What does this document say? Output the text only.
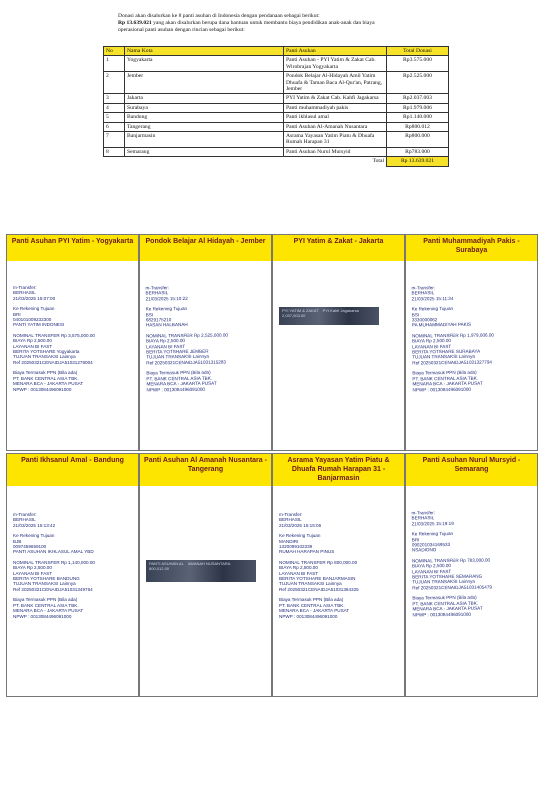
Donasi akan disalurkan ke 8 panti asuhan di Indonesia dengan pendanaan sebagai berikut:

Rp 13.639.021 yang akan disalurkan berupa dana bantuan untuk membantu biaya pendidikan anak-anak dan biaya

operasional panti asuhan dengan rincian sebagai berikut:

No	Nama Kota	Panti Asuhan	Total Donasi
1	Yogyakarta	Panti Asuhan - PYI Yatim & Zakat Cab. Wirobrajan Yogyakarta	Rp3.575.000
2	Jember	Pondok Belajar Al-Hidayah Amil Yatim Dhuafa & Taman Baca Al-Qur'an, Patrang, Jember	Rp2.525.000
3	Jakarta	PYI Yatim & Zakat Cab. Kahfi Jagakarsa	Rp2.037.003
4	Surabaya	Panti muhammadiyah pakis	Rp1.979.006
5	Bandung	Panti ikhlasul amal	Rp1.140.000
6	Tangerang	Panti Asuhan Al-Amanah Nusantara	Rp800.012
7	Banjarmasin	Asrama Yayasan Yatim Piatu & Dhuafa Rumah Harapan 31	Rp800.000
8	Semarang	Panti Asuhan Nurul Mursyid	Rp783.000
Total			Rp 13.639.021
Panti Asuhan PYI Yatim - Yogyakarta
m-Transfer:
BERHASIL
21/03/2025 15:07:00
Ke Rekening Tujuan
BRI
040101009232300
PANTI YATIM INDONESI
NOMINAL TRANSFER Rp 3,575,000.00
BIAYA Rp 2,500.00
LAYANAN BI FAST
BERITA YOTSHARE Yogyakarta
TUJUAN TRANSAKSI Lainnya
Ref 20250321CENAIDJA51031278004
Biaya Termasuk PPN (Bila ada)
PT. BANK CENTRAL ASIA TBK.
MENARA BCA - JAKARTA PUSAT
NPWP : 0013084496091000
Pondok Belajar Al Hidayah - Jember
m-Transfer:
BERHASIL
21/03/2025 15:10:22
Ke Rekening Tujuan
BSI
6829175210
HASAN HALBANAH
NOMINAL TRANSFER Rp 2,525,000.00
BIAYA Rp 2,500.00
LAYANAN BI FAST
BERITA YOTSHARE JEMBER
TUJUAN TRANSAKSI Lainnya
Ref 20250321CENAIDJA51031315283
Biaya Termasuk PPN (Bila ada)
PT. BANK CENTRAL ASIA TBK.
MENARA BCA - JAKARTA PUSAT
NPWP : 0013084496091000
PYI Yatim & Zakat - Jakarta
PYI YATIM & ZAKAT PYI Kahfi Jagakarsa2,037,003.00
Panti Muhammadiyah Pakis - Surabaya
m-Transfer:
BERHASIL
21/03/2025 15:11:34
Ke Rekening Tujuan
BSI
3330000062
PA MUHAMMADIYAH PAKIS
NOMINAL TRANSFER Rp 1,979,006.00
BIAYA Rp 2,500.00
LAYANAN BI FAST
BERITA YOTSHARE SURABAYA
TUJUAN TRANSAKSI Lainnya
Ref 20250321CENAIDJA51031327794
Biaya Termasuk PPN (Bila ada)
PT. BANK CENTRAL ASIA TBK.
MENARA BCA - JAKARTA PUSAT
NPWP : 0013084496091000
Panti Ikhsanul Amal - Bandung
m-Transfer:
BERHASIL
21/03/2025 15:13:42
Ke Rekening Tujuan
BJB
0097459659100
PANTI ASUHAN IKHLASUL AMAL YBD
NOMINAL TRANSFER Rp 1,140,000.00
BIAYA Rp 2,500.00
LAYANAN BI FAST
BERITA YOTSHARE BANDUNG
TUJUAN TRANSAKSI Lainnya
Ref 20250321CENAIDJA51031349764
Biaya Termasuk PPN (Bila ada)
PT. BANK CENTRAL ASIA TBK.
MENARA BCA - JAKARTA PUSAT
NPWP : 0013084496091000
Panti Asuhan Al Amanah Nusantara - Tangerang
PANTI ASUHAN AL AMANAH NUSANTARA800,012.00
Asrama Yayasan Yatim Piatu & Dhuafa Rumah Harapan 31 - Banjarmasin
m-Transfer:
BERHASIL
21/03/2025 15:15:06
Ke Rekening Tujuan
MANDIRI
1320099102339
RUMAH HARAPAN PINUS
NOMINAL TRANSFER Rp 800,000.00
BIAYA Rp 2,500.00
LAYANAN BI FAST
BERITA YOTSHARE BANJARMASIN
TUJUAN TRANSAKSI Lainnya
Ref 20250321CENAIDJA51031364325
Biaya Termasuk PPN (Bila ada)
PT. BANK CENTRAL ASIA TBK.
MENARA BCA - JAKARTA PUSAT
NPWP : 0013084496091000
Panti Asuhan Nurul Mursyid - Semarang
m-Transfer:
BERHASIL
21/03/2025 15:19:19
Ke Rekening Tujuan
BRI
090201034169533
NSADIONO
NOMINAL TRANSFER Rp 783,000.00
BIAYA Rp 2,500.00
LAYANAN BI FAST
BERITA YOTSHARE SEMARANG
TUJUAN TRANSAKSI Lainnya
Ref 20250321CENAIDJA51031405479
Biaya Termasuk PPN (Bila ada)
PT. BANK CENTRAL ASIA TBK.
MENARA BCA - JAKARTA PUSAT
NPWP : 0013084496091000
